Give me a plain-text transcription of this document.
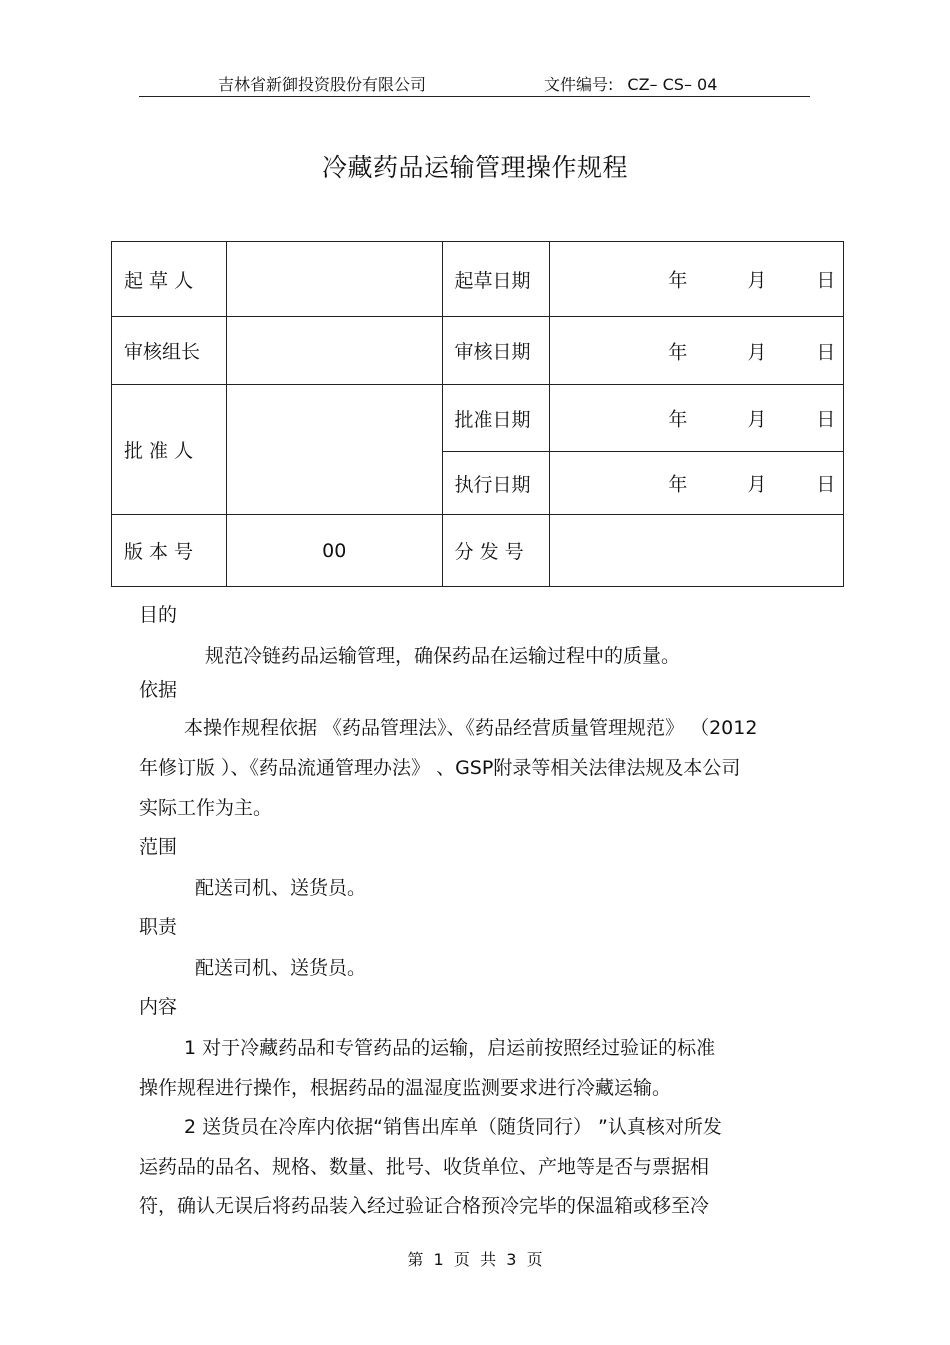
吉林省新御投资股份有限公司	文件编号: CZ– CS– 04
冷藏药品运输管理操作规程
起 草 人		起草日期	年 月 日

审核组长		审核日期	年 月 日

批 准 人		批准日期	年 月 日

		执行日期	年 月 日

版 本 号	00	分 发 号	
目的
规范冷链药品运输管理，确保药品在运输过程中的质量。
依据
本操作规程依据 《药品管理法》、《药品经营质量管理规范》 （2012
年修订版 ）、《药品流通管理办法》 、GSP附录等相关法律法规及本公司
实际工作为主。
范围
配送司机、送货员。
职责
配送司机、送货员。
内容
1 对于冷藏药品和专管药品的运输，启运前按照经过验证的标准
操作规程进行操作，根据药品的温湿度监测要求进行冷藏运输。
2 送货员在冷库内依据“销售出库单（随货同行） ”认真核对所发
运药品的品名、规格、数量、批号、收货单位、产地等是否与票据相
符，确认无误后将药品装入经过验证合格预冷完毕的保温箱或移至冷
第  1  页  共  3  页
